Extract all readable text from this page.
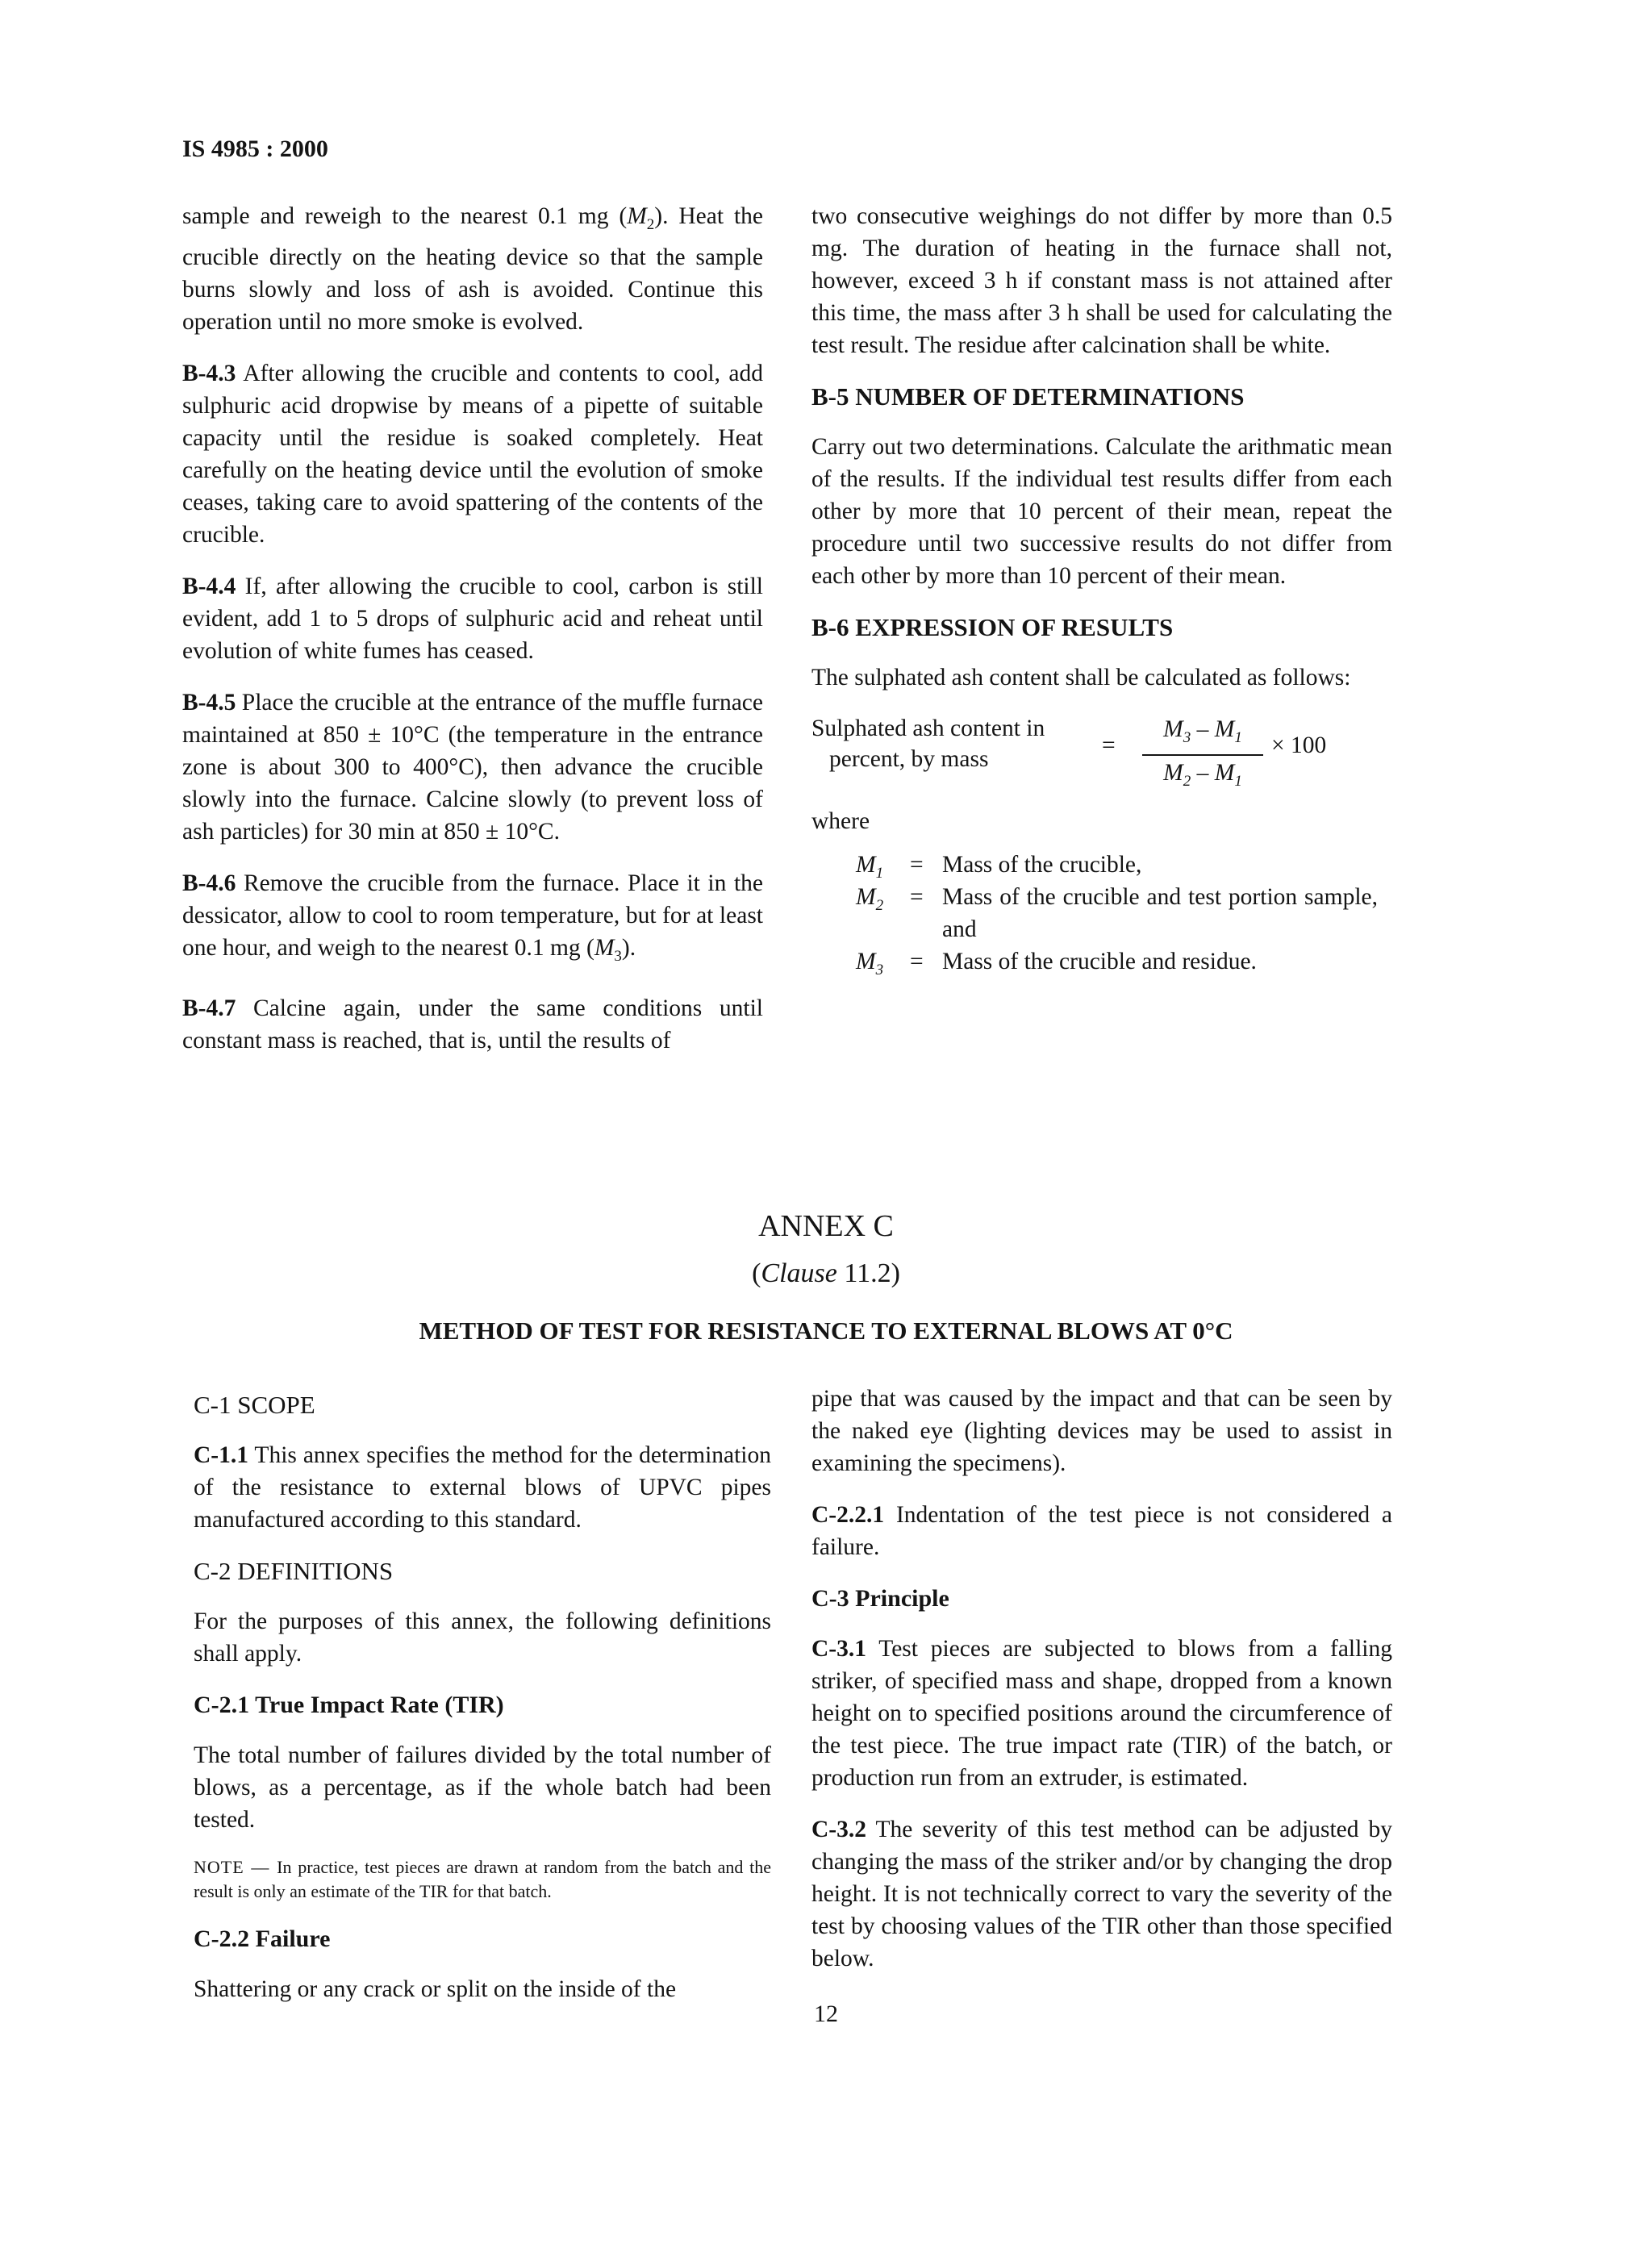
IS 4985 : 2000

sample and reweigh to the nearest 0.1 mg $(M_2)$. Heat the crucible directly on the heating device so that the sample burns slowly and loss of ash is avoided. Continue this operation until no more smoke is evolved.

B-4.3 After allowing the crucible and contents to cool, add sulphuric acid dropwise by means of a pipette of suitable capacity until the residue is soaked completely. Heat carefully on the heating device until the evolution of smoke ceases, taking care to avoid spattering of the contents of the crucible.

B-4.4 If, after allowing the crucible to cool, carbon is still evident, add 1 to 5 drops of sulphuric acid and reheat until evolution of white fumes has ceased.

B-4.5 Place the crucible at the entrance of the muffle furnace maintained at 850 ± 10°C (the temperature in the entrance zone is about 300 to 400°C), then advance the crucible slowly into the furnace. Calcine slowly (to prevent loss of ash particles) for 30 min at 850 ± 10°C.

B-4.6 Remove the crucible from the furnace. Place it in the dessicator, allow to cool to room temperature, but for at least one hour, and weigh to the nearest 0.1 mg $(M_3)$.

B-4.7 Calcine again, under the same conditions until constant mass is reached, that is, until the results of

two consecutive weighings do not differ by more than 0.5 mg. The duration of heating in the furnace shall not, however, exceed 3 h if constant mass is not attained after this time, the mass after 3 h shall be used for calculating the test result. The residue after calcination shall be white.

B-5 NUMBER OF DETERMINATIONS

Carry out two determinations. Calculate the arithmatic mean of the results. If the individual test results differ from each other by more that 10 percent of their mean, repeat the procedure until two successive results do not differ from each other by more than 10 percent of their mean.

B-6 EXPRESSION OF RESULTS

The sulphated ash content shall be calculated as follows:

Sulphated ash content in
percent, by mass
= $\frac{M_3 - M_1}{M_2 - M_1} \times 100$

where

$M_1$ = Mass of the crucible,
$M_2$ = Mass of the crucible and test portion sample, and
$M_3$ = Mass of the crucible and residue.
ANNEX C
(Clause 11.2)
METHOD OF TEST FOR RESISTANCE TO EXTERNAL BLOWS AT 0°C
C-1 SCOPE

C-1.1 This annex specifies the method for the determination of the resistance to external blows of UPVC pipes manufactured according to this standard.

C-2 DEFINITIONS

For the purposes of this annex, the following definitions shall apply.

C-2.1 True Impact Rate (TIR)

The total number of failures divided by the total number of blows, as a percentage, as if the whole batch had been tested.

NOTE — In practice, test pieces are drawn at random from the batch and the result is only an estimate of the TIR for that batch.

C-2.2 Failure

Shattering or any crack or split on the inside of the

pipe that was caused by the impact and that can be seen by the naked eye (lighting devices may be used to assist in examining the specimens).

C-2.2.1 Indentation of the test piece is not considered a failure.

C-3 Principle

C-3.1 Test pieces are subjected to blows from a falling striker, of specified mass and shape, dropped from a known height on to specified positions around the circumference of the test piece. The true impact rate (TIR) of the batch, or production run from an extruder, is estimated.

C-3.2 The severity of this test method can be adjusted by changing the mass of the striker and/or by changing the drop height. It is not technically correct to vary the severity of the test by choosing values of the TIR other than those specified below.

12
